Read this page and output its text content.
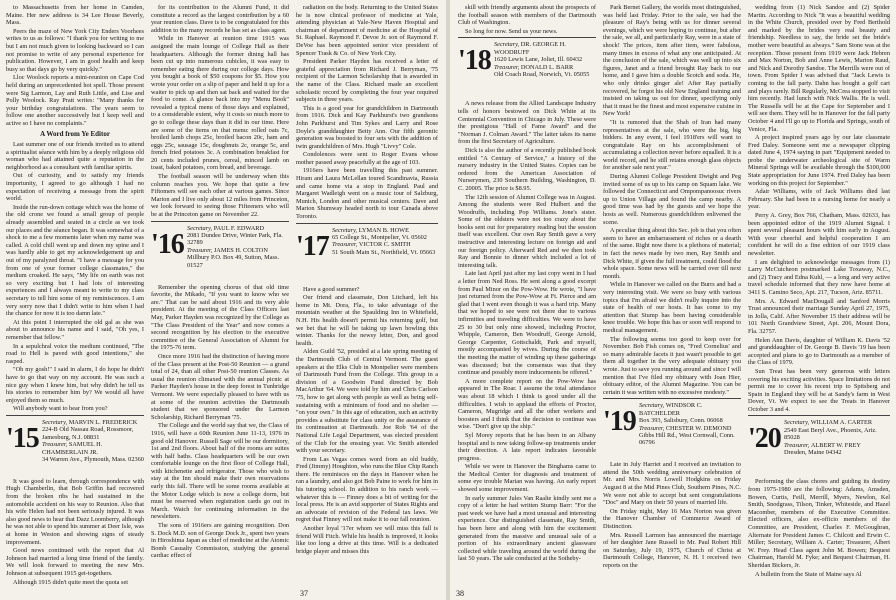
to Massachusetts from her home in Camden, Maine. Her new address is 34 Lee House Beverly, Mass.

Peers the maze of New York City Enders Voorhees writes to us as follows: "I thank you for writing to me but I am not much given to looking backward so I can not promise to write of any personal experience for publication. However, I am in good health and keep busy so that days go by very quickly."

Lloc Woolock reports a mini-reunion on Cape Cod held during an unprecedented hot spell. Those present were Sig Larmon, Lay and Ruth Little, and Lise and Polly Woolock. Ray Pratt writes: "Many thanks for your birthday congratulations. The years seem to follow one another successively but I keep well and active so I have no complaints."

A Word from Ye Editor

Last summer one of our friends invited us to attend a spiritualist séance with him by a deeply religious old woman who had attained quite a reputation in the neighborhood as a consultant with familiar spirits.

Out of curiosity, and to satisfy my friends importunity, I agreed to go although I had no expectation of receiving a message from the spirit world.

Inside the run-down cottage which was the home of the old crone we found a small group of people already assembled and seated in a circle as we took our places and the séance began. It was somewhat of a shock to me a few moments later when my name was called. A cold chill went up and down my spine and I was hardly able to get my acknowledgement up and out of my paralyzed throat. "I have a message for you from one of your former college classmates," the medium croaked. He says, "My life on earth was not so very exciting but I had lots of interesting experiences and I always meant to write to my class secretary to tell him some of my reminiscences. I am very sorry now that I didn't write to him when I had the chance for now it is too damn late."

At this point I interrupted the old gal as she was about to announce his name and I said, "Oh yes, I remember that fellow."

In a sepulchral voice the medium continued, "The road to Hell is paved with good intentions," she rasped.

"Oh my gosh!" I said in alarm, I do hope he didn't have to go that way on my account. He was such a nice guy when I knew him, but why didn't he tell us his stories to remember him by? We would all have enjoyed them so much.

Will anybody want to hear from you?

'15
Secretary, MARVIN L. FREDERICK
224-B Old Nassau Road, Rossmoor, Jamesburg, N.J. 08831
Treasurer, SAMUEL H. CHAMBERLAIN JR.
34 Warren Ave., Plymouth, Mass. 02360

It was good to learn, through correspondence with Hugh Chamberlin, that Bob Griffin had recovered from the broken ribs he had sustained in the automobile accident on his way to Reunion. Also that his wife Helen had not been seriously injured. It was also good news to hear that Dazz Loomberry, although he was not able to spend his summer at Deer Isle, was at home in Weston and showing signs of steady improvement.

Good news continued with the report that Al Johnson had married a long time friend of the family. We will look forward to meeting the new Mrs. Johnson at subsequent 1915 get-togethers.

Although 1915 didn't quite meet the quota set

for its contribution to the Alumni Fund, it did constitute a record as the largest contribution by a 60 year reunion class. Dave is to be congratulated for this addition to the many records he has set as class agent.

While in Hanover at reunion time 1915 was assigned the main lounge of College Hall as their headquarters. Although the former dining hall has been cut up into numerous cubicles, it was easy to remember eating there during our college days. How you bought a book of $50 coupons for $5. How you wrote your order on a slip of paper and held it up for a waiter to pick up and then sat back and waited for the food to come. A glance back into my "Menu Book" revealed a typical menu of those days and explained, to a considerable extent, why it costs so much more to go to college these days than it did in our time. Here are some of the items on that menu: rolled oats 7c, broiled lamb chops 25c, broiled bacon 20c, ham and eggs 25c, sausage 15c, doughnuts 2c, orange 5c, and french fried potatoes 3c. A combination breakfast for 20 cents included prunes, cereal, minced lamb on toast, baked potatoes, corn bread, and beverage.

The football season will be underway when this column reaches you. We hope that quite a few Fiftomers will see each other at various games. Since Marion and I live only about 12 miles from Princeton, we look forward to seeing those Fifteeners who will be at the Princeton game on November 22.

'16
Secretary, PAUL F. EDWARD
2081 Dundee Drive, Winter Park, Fla. 32789
Treasurer, JAMES H. COLTON
Millbury P.O. Box 49, Sutton, Mass. 01527

Remember the opening chorus of that old time favorite, the Mikado, "If you want to know who we are." That can be said about 1916 and its very able president. At the meeting of the Class Officers last May, Parker Hayden was recognized by the College as "The Class President of the Year" and now comes a second recognition by his election to the executive committee of the General Association of Alumni for the 1975-76 term.

Once more 1916 had the distinction of having more of the Class present at the Post-50 Reunion — a grand total of 24, than all other Post-50 reunion Classes. As usual the reunion climaxed with the annual picnic at Parker Hayden's house in the deep forest in Tunbridge Vermont. We were especially pleased to have with us at some of the reunion activities the Dartmouth student that we sponsored under the Larmon Scholarship, Richard Berryman '75.

The College and the world say that we, the Class of 1916, will have a 60th Reunion June 11-13, 1976 in good old Hanover. Russell Sage will be our dormitory, 1st and 2nd floors. About half of the rooms are suites with half baths. Class headquarters will be our own comfortable lounge on the first floor of College Hall, with kitchenette and refrigerator. Those who wish to stay at the Inn should make their own reservations early this fall. There will be some rooms available at the Motor Lodge which is now a college dorm, but must be reserved when registration cards go out in March. Watch for continuing information in the newsletters.

The sons of 1916ers are gaining recognition. Don S. Dock M.D. son of George Dock Jr., spent two years in Hiroshima Japan as chief of medicine at the Atomic Bomb Casualty Commission, studying the general cardiac effect of

radiation on the body. Returning to the United States he is now clinical professor of medicine at Yale, attending physician at Yale-New Haven Hospital and chairman of department of medicine at the Hospital of St. Raphael. Raymond F. Devoe Jr. son of Raymond F. DeVoe has been appointed senior vice president of Spencer Trask & Co. of New York City.

President Parker Hayden has received a letter of grateful appreciation from Richard J. Berryman, '75 recipient of the Larmon Scholarship that is awarded in the name of the Class. Richard made an excellent scholastic record by completing the four year required subjects in three years.

This is a good year for grandchildren in Dartmouth from 1916. Dick and Kay Parkhurst's two grandsons John Parkhurst and Tim Sykes and Larry and Rose Doyle's granddaughter Betty Ann. Our fifth gerontic generation was boosted to four sets with the addition of twin grandchildren of Mrs. Hugh "Livvy" Cole.

Condolences were sent to Roger Evans whose mother passed away peacefully at the age of 103.

1916ers have been travelling this past summer. Hiram and Laura McLellan toured Scandinavia, Russia and came home via a stop in England. Paul and Margaret Wadleigh went on a music tour of Salzburg, Munich, London and other musical centers. Dave and Marion Shumway headed north to tour Canada above Toronto.

'17
Secretary, LYMAN B. HOWE
65 College St., Montpelier, Vt. 05602
Treasurer, VICTOR C. SMITH
51 South Main St., Northfield, Vt. 05663

Have a good summer?

Our friend and classmate, Don Litchard, left his home in Mt. Dora, Fla., to take advantage of the mountain weather at the Spaulding Inn in Whitefield, N.H. His health doesn't permit his returning golf, but we bet that he will be taking up lawn bowling this winter. Thanks for the newsy letter, Don, and good health.

Alden Guild '52, presided at a late spring meeting of the Dartmouth Club of Central Vermont. The guest speakers at the Elks Club in Montpelier were members of Dartmouth Fund from the College. This group in a division of a Goodwin Fund directed by Bob MacArthur '64. We were told by him and Chris Carlson '75, how to get along with people as well as being self-sustaining with a minimum of food and no shelter — "on your own." In this age of education, such an activity provides a substitute for class unity or the assurance of its continuation at Dartmouth. Joe Rob '64 of the National Life Legal Department, was elected president of the Club for the ensuing year. Vic Smith attended with your secretary.

From Las Vegas comes word from an old buddy, Fred (Jimmy) Houghton, who runs the Blue Chip Ranch there. He reminisces on the days in Hanover when he ran a laundry, and also got Bob Paine to work for him in his tutoring school. In addition to his ranch work — whatever this is — Finney does a bit of writing for the local press. He is an avid supporter of States Rights and an advocate of revision of the Federal tax laws. We regret that Finney will not make it to our fall reunion.

Another loyal '17er whom we will miss this fall is friend Will Fitch. While his health is improved, it looks like too long a drive at this time. Will is a dedicated bridge player and misses this

37

skill with friendly arguments about the prospects of the football season with members of the Dartmouth Club of Washington.

So long for now. Send us your news.

'18
Secretary, DR. GEORGE H. WOODRUFF
1620 Lewis Lane, Joliet, Ill. 60432
Treasurer, DONALD L. BARR
Old Coach Road, Norwich, Vt. 05055

A news release from the Allied Landscape Industry tells of honors bestowed on Dick White at its Centennial Convention in Chicago in July. These were the prestigious "Hall of Fame Award" and the "Norman J. Colman Award." The latter takes its name from the first Secretary of Agriculture.

Dick is also the author of a recently published book entitled "A Century of Service," a history of the nursery industry in the United States. Copies can be ordered from the American Association of Nurserymen, 230 Southern Building, Washington, D. C. 20005. The price is $8.95.

The 12th session of Alumni College was in August. Among the students were Red Hulbert and the Woodruffs, including Pop Williams. Jone's sister. Some of the oldsters were not too crazy about the books sent out for preparatory reading but the session itself was excellent. Our own Ray Smith gave a very instructive and interesting lecture on foreign aid and our foreign policy. Afterward Red and we then took Ray and Bonnie to dinner which included a lot of interesting talk.

Late last April just after my last copy went in I had a letter from Ned Ross. He sent along a good excerpt from Paul Minor on the Pow-Wow. He wrote, "I have just returned from the Pow-Wow at Ft. Pierce and am glad that I went even though it was a hard trip. Many that we hoped to see were not there due to various infirmities and traveling difficulties. We were to have 25 to 30 but only nine showed, including Proctor, Whipple, Cameron, Ben Woodruff, George Arnold, George Carpenter, Gottschaldt, Park and myself, mostly accompanied by wives. During the course of the meeting the matter of winding up these gatherings was discussed; but the consensus was that they continue and possibly more inducements be offered."

A more complete report on the Pow-Wow has appeared in The Roar. I assume the total attendance was about 18 which I think is good under all the difficulties. I wish to applaud the efforts of Proctor, Cameron, Mugridge and all the other workers and boosters and I think that the decision to continue was wise. "Don't give up the ship."

Syl Morey reports that he has been in an Albany hospital and is now taking follow-up treatments under their direction. A late report indicates favorable progress.

While we were in Hanover the Binghams came to the Medical Center for diagnosis and treatment of some eye trouble Marian was having. An early report showed some improvement.

In early summer Jules Van Raalte kindly sent me a copy of a letter he had written Stump Barr: "For the past week we have had a most unusual and interesting experience. Our distinguished classmate, Ray Smith, has been here and along with him the excitement generated from the massive and unusual sale of a portion of his extraordinary ancient glassware collected while traveling around the world during the last 50 years. The sale conducted at the Sotheby-

Park Bernet Gallery, the worlds most distinguished, was held last Friday. Prior to the sale, we had the pleasure of Ray's being with us for dinner several evenings, which we were hoping to continue, but after the sale, we all, and particularly Ray, were in a state of shock! The prices, item after item, were fabulous, many times in excess of what any one anticipated. At the conclusion of the sale, which was well up into six figures, Janet and a friend brought Ray back to our home, and I gave him a double Scotch and soda. He, who only drinks ginger ale! After Ray partially recovered, he forgot his old New England training and insisted on taking us out for dinner, specifying only that it must be the finest and most expensive cuisine in New York!

"It is rumored that the Shah of Iran had many representatives at the sale, who were the big, big bidders. In any event, I feel 1918'ers will want to congratulate Ray on his accomplishment of accumulating a collection never before equalled. It is a world record, and he still retains enough glass objects for another sale next year."

During Alumni College President Dwight and Peg invited some of us up to his camp on Squam lake. We followed the Connecticut and Ompompanoosuc rivers up to Union Village and found the camp nearby. A good time was had by the guests and we hope the hosts as well. Numerous grandchildren enlivened the scene.

A peculiar thing about this Sec. job is that you often seem to have an embarrassment of riches or a dearth of the same. Right now there is a plethora of material; in fact the news made by two men, Ray Smith and Dick White, if given the full treatment, could flood the whole space. Some news will be carried over till next month.

While in Hanover we called on the Burrs and had a very interesting visit. We were so busy with various topics that I'm afraid we didn't really inquire into the state of health of our hosts. It has come to my attention that Stump has been having considerable knee trouble. We hope this has or soon will respond to medical management.

The following seems too good to keep over for November. Bob Fish comes on, "Fred Cornelius' and so many admirable facets it just wasn't possible to get them all together in the very adequate obituary you wrote. Just to save you running around and since I will mention that I've filed my obituary with Joan Hier, obituary editor, of the Alumni Magazine. You can be certain it was written with no excessive modesty."

'19
Secretary, WINDSOR C. BATCHELDER
Box 393, Salisbury, Conn. 06068
Treasurer, CHESTER W. DEMOND
Gibbs Hill Rd., West Cornwall, Conn. 06796

Late in July Harriet and I received an invitation to attend the 50th wedding anniversary celebration of Mr. and Mrs. Norris Lowell Hodgkins on Friday August 8 at the Mid Pines Club, Southern Pines, N.C. We were not able to accept but sent congratulations "Doc" and Mary on their 50 years of married life.

On Friday night, May 16 Max Norton was given the Hanover Chamber of Commerce Award of Distinction.

Mrs. Russell Larmon has announced the marriage of her daughter Jane Russell to Mr. Paul Robert Hill on Saturday, July 19, 1975, Church of Christ at Dartmouth College, Hanover, N. H. I received two reports on the

wedding from (1) Nick Sandoe and (2) Spider Martin. According to Nick "It was a beautiful wedding in the White Church, presided over by Fred Berthold and marked by the brides very real beauty and friendship. Needless to say, the bride set the bride's mother were beautiful as always." Sam Stone was at the reception. Those present from 1919 were Jack Hebren and Max Norton, Bob and Anne Lewis, Marion Raud, and Nick and Dorothy Sandoe. The Merrills were out of town. From Spider I was advised that "Jack Lewis is coming to the fall party. Dahn has bought a golf cart and plays rarely. Bill Regularly, McCrea stopped to visit him recently. Had lunch with Nick Wallis. He is well. The Russells will be at the Cape for September and I will see them. They will be in Hanover for the fall party October 4 and I'll go up to Florida and Springs, south of Venice, Fla.

A project inspired years ago by our late classmate Fred Daley. Someone sent me a newspaper clipping dated June 4, 1974 saying in part "Equipment needed to probe the underwater archeological site of Warm Mineral Springs will be available through the $100,000 State appropriation for June 1974. Fred Daley has been working on this project for September."

Adair Williams, wife of Jack Williams died last February. She had been in a nursing home for nearly a year.

Perry A. Grey, Box 766, Chatham, Mass. 02633, has been appointed editor of the 1919 Alumni Signal. I spent several pleasant hours with him early in August. With your cheerful and helpful cooperation I am confident he will do a fine edition of our 1919 class newsletter.

I am delighted to acknowledge messages from (1) Larry McCutcheon postmarked Lake Toxaway, N.C., and (2) Tracy and Edna Kuhl, — a long and very active travel schedule informed that they now have home at 3411 S. Camino Seco, Apt. 217, Tucson, Ariz. 85711.

Mrs. A. Edward MacDougall and Sanford Morris Trust announced their marriage Sunday April 27, 1975, in Jolla, Calif. After November 15 their address will be 101 North Grandview Street, Apt. 206, Mount Dora, Fla. 32757.

Helen Ann Davis, daughter of William K. Davis '52 and granddaughter of Dr. George B. Davis '19 has been accepted and plans to go to Dartmouth as a member of the Class of 1979.

Sun Treat has been very generous with letters covering his exciting activities. Space limitations do not permit me to cover his recent trip to Spitsberg and Spain in England they will be at Sandy's farm in West Dover, Vt. We expect to see the Treats in Hanover October 3 and 4.

'20
Secretary, WILLIAM A. CARTER
2549 East Beryl Ave., Phoenix, Ariz. 85028
Treasurer, ALBERT W. FREY
Dresden, Maine 04342

Performing the class chores and guiding its destiny from 1975-1980 are the following: Adams, Amsden, Bowen, Curtis, Feill, Merrill, Myers, Newlon, Kel Smith, Snodgrass, Tilson, Tinker, Whiteside, and Hazel Macomber, members of the Executive Committee. Elected officers, also ex-officio members of the Committee, are President, Charles F. McGoughran, Alternate for President James C. Chilcott and Erwin C. Miller; Secretary, William A. Carter; Treasurer, Albert W. Frey. Head Class agent John M. Bowen; Bequest Chairman, Harold M. Fyke; and Bequest Chairman, H. Sheridan Bickers, Jr.

A bulletin from the State of Maine says Al

38
